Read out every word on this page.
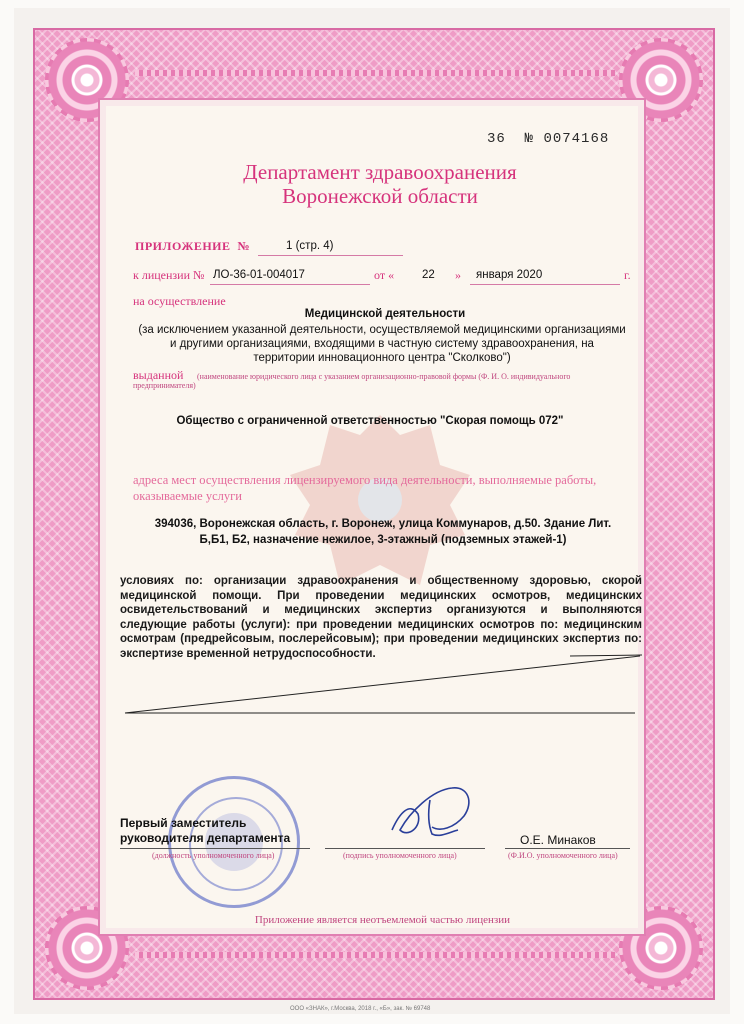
36 № 0074168
Департамент здравоохранения
Воронежской области
ПРИЛОЖЕНИЕ №	1 (стр. 4)
к лицензии № ЛО-36-01-004017	от « 22 » января 2020	г.
на осуществление
Медицинской деятельности
(за исключением указанной деятельности, осуществляемой медицинскими организациями
и другими организациями, входящими в частную систему здравоохранения, на
территории инновационного центра "Сколково")
выданной (наименование юридического лица с указанием организационно-правовой формы (Ф. И. О. индивидуального
предпринимателя)
Общество с ограниченной ответственностью "Скорая помощь 072"
адреса мест осуществления лицензируемого вида деятельности, выполняемые работы,
оказываемые услуги
394036, Воронежская область, г. Воронеж, улица Коммунаров, д.50. Здание Лит.
Б,Б1, Б2, назначение нежилое, 3-этажный (подземных этажей-1)
условиях по: организации здравоохранения и общественному здоровью, скорой медицинской помощи. При проведении медицинских осмотров, медицинских освидетельствований и медицинских экспертиз организуются и выполняются следующие работы (услуги): при проведении медицинских осмотров по: медицинским осмотрам (предрейсовым, послерейсовым); при проведении медицинских экспертиз по: экспертизе временной нетрудоспособности.
Первый заместитель
руководителя департамента
(должность уполномоченного лица)	(подпись уполномоченного лица)
О.Е. Минаков
(Ф.И.О. уполномоченного лица)
Приложение является неотъемлемой частью лицензии
ООО «ЗНАК», г.Москва, 2018 г., «Б», зак. № 69748
